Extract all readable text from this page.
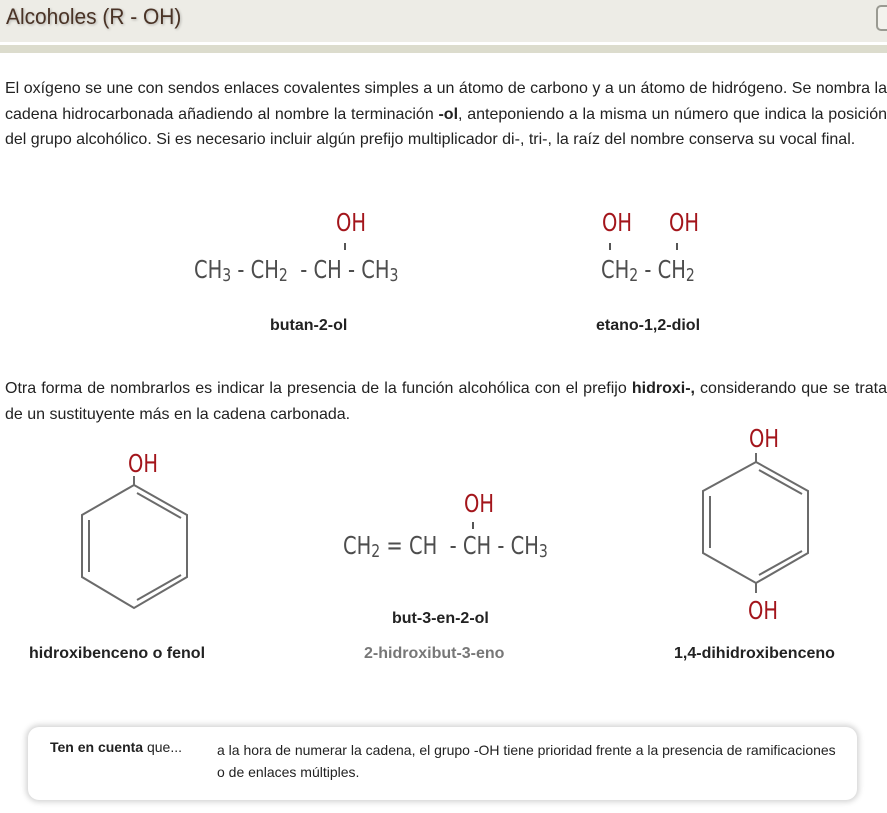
Alcoholes (R - OH)
El oxígeno se une con sendos enlaces covalentes simples a un átomo de carbono y a un átomo de hidrógeno. Se nombra la cadena hidrocarbonada añadiendo al nombre la terminación -ol, anteponiendo a la misma un número que indica la posición del grupo alcohólico. Si es necesario incluir algún prefijo multiplicador di-, tri-, la raíz del nombre conserva su vocal final.
OH
$CH_3 - CH_2$  - CH - $CH_3$
butan-2-ol
OH OH
$CH_2 - CH_2$
etano-1,2-diol
Otra forma de nombrarlos es indicar la presencia de la función alcohólica con el prefijo hidroxi-, considerando que se trata de un sustituyente más en la cadena carbonada.
OH
hidroxibenceno o fenol
OH
$CH_2$ = CH  - CH - $CH_3$
but-3-en-2-ol
2-hidroxibut-3-eno
OH
OH
1,4-dihidroxibenceno
Ten en cuenta que... a la hora de numerar la cadena, el grupo -OH tiene prioridad frente a la presencia de ramificaciones o de enlaces múltiples.
